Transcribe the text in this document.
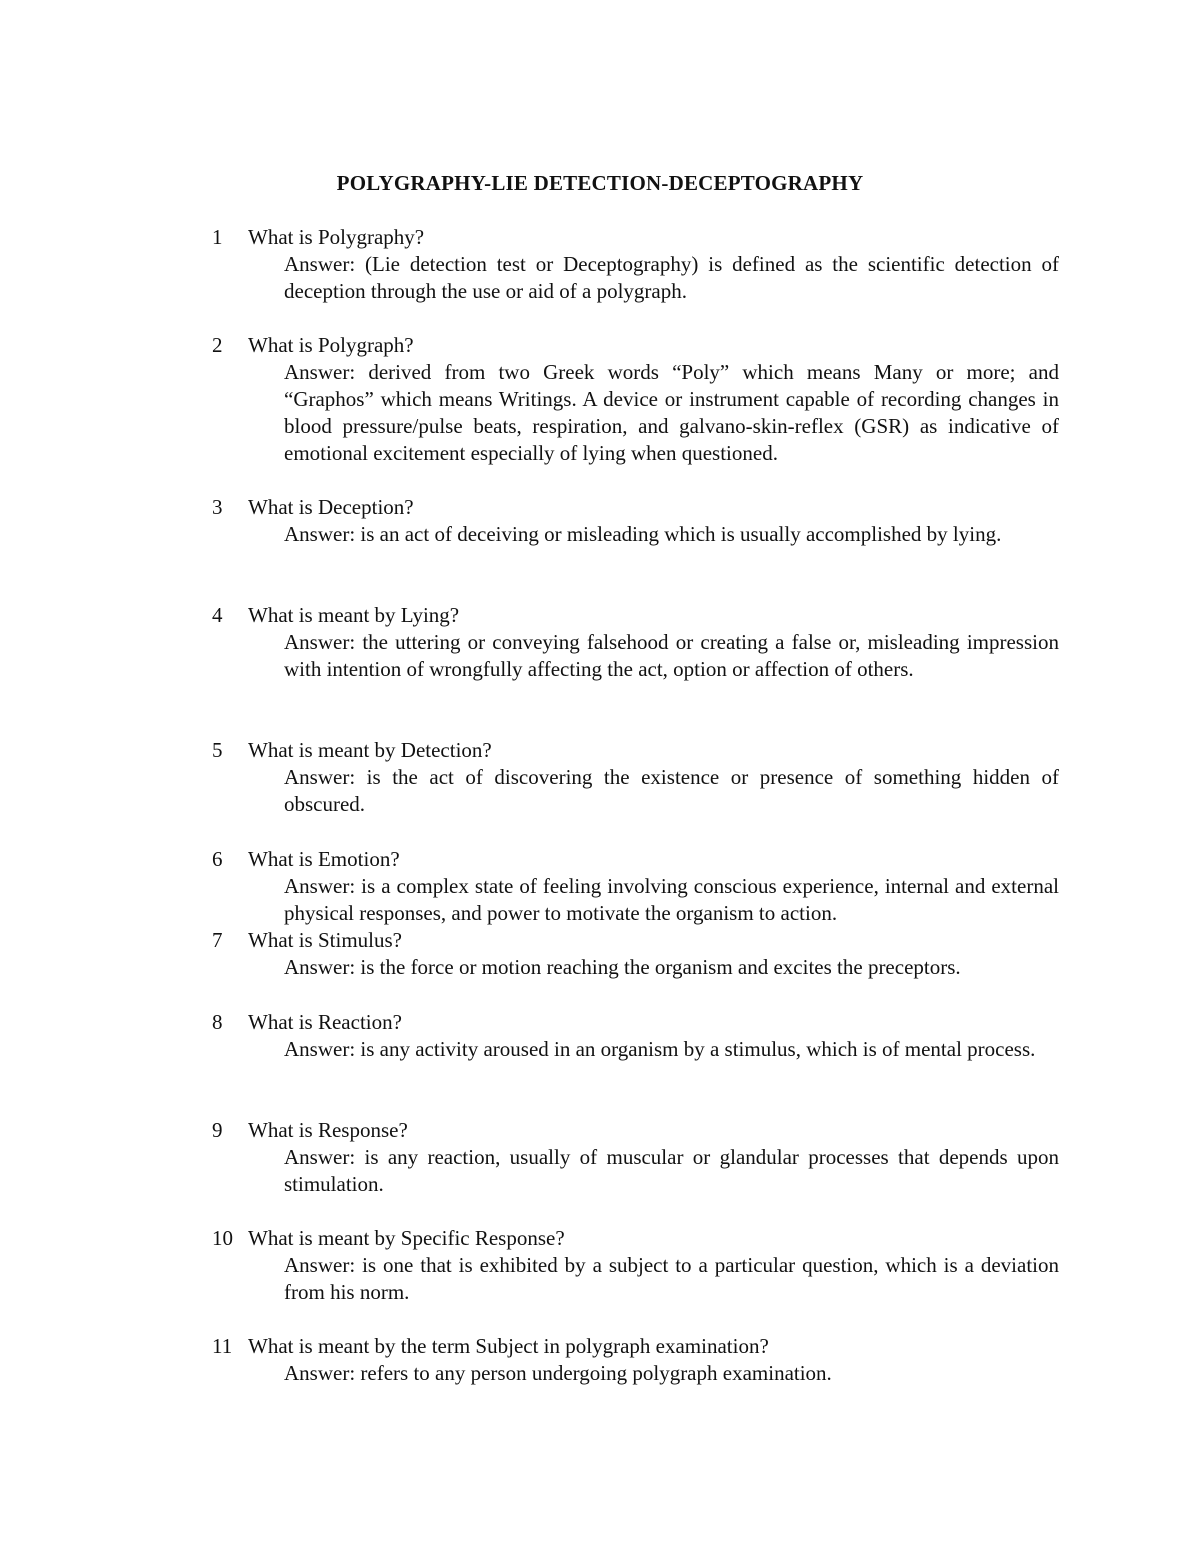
POLYGRAPHY-LIE DETECTION-DECEPTOGRAPHY
1 What is Polygraphy?
Answer: (Lie detection test or Deceptography) is defined as the scientific detection of deception through the use or aid of a polygraph.
2 What is Polygraph?
Answer: derived from two Greek words “Poly” which means Many or more; and “Graphos” which means Writings. A device or instrument capable of recording changes in blood pressure/pulse beats, respiration, and galvano-skin-reflex (GSR) as indicative of emotional excitement especially of lying when questioned.
3 What is Deception?
Answer: is an act of deceiving or misleading which is usually accomplished by lying.
4 What is meant by Lying?
Answer: the uttering or conveying falsehood or creating a false or, misleading impression with intention of wrongfully affecting the act, option or affection of others.
5 What is meant by Detection?
Answer: is the act of discovering the existence or presence of something hidden of obscured.
6 What is Emotion?
Answer: is a complex state of feeling involving conscious experience, internal and external physical responses, and power to motivate the organism to action.
7 What is Stimulus?
Answer: is the force or motion reaching the organism and excites the preceptors.
8 What is Reaction?
Answer: is any activity aroused in an organism by a stimulus, which is of mental process.
9 What is Response?
Answer: is any reaction, usually of muscular or glandular processes that depends upon stimulation.
10 What is meant by Specific Response?
Answer: is one that is exhibited by a subject to a particular question, which is a deviation from his norm.
11 What is meant by the term Subject in polygraph examination?
Answer: refers to any person undergoing polygraph examination.
